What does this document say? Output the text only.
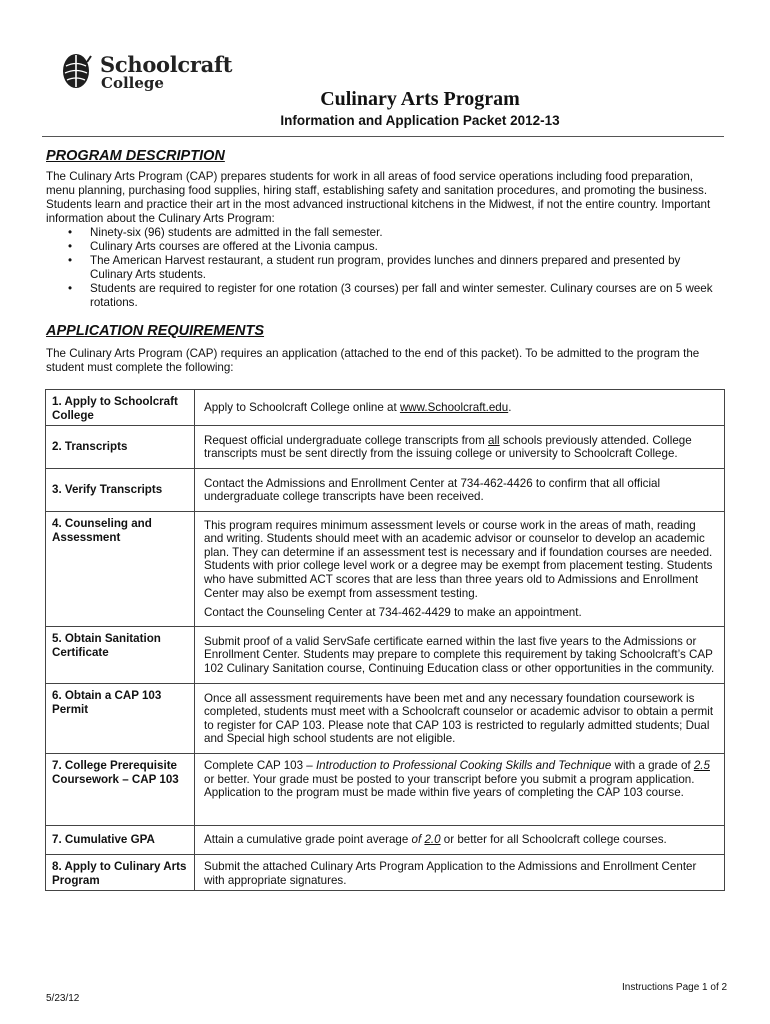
Schoolcraft
College
Culinary Arts Program
Information and Application Packet 2012-13
PROGRAM DESCRIPTION

The Culinary Arts Program (CAP) prepares students for work in all areas of food service operations including food preparation, menu planning, purchasing food supplies, hiring staff, establishing safety and sanitation procedures, and promoting the business. Students learn and practice their art in the most advanced instructional kitchens in the Midwest, if not the entire country. Important information about the Culinary Arts Program:

• Ninety-six (96) students are admitted in the fall semester.
• Culinary Arts courses are offered at the Livonia campus.
• The American Harvest restaurant, a student run program, provides lunches and dinners prepared and presented by Culinary Arts students.
• Students are required to register for one rotation (3 courses) per fall and winter semester. Culinary courses are on 5 week rotations.
APPLICATION REQUIREMENTS

The Culinary Arts Program (CAP) requires an application (attached to the end of this packet). To be admitted to the program the student must complete the following:

1. Apply to Schoolcraft College	Apply to Schoolcraft College online at www.Schoolcraft.edu.
2. Transcripts	Request official undergraduate college transcripts from all schools previously attended. College transcripts must be sent directly from the issuing college or university to Schoolcraft College.
3. Verify Transcripts	Contact the Admissions and Enrollment Center at 734-462-4426 to confirm that all official undergraduate college transcripts have been received.
4. Counseling and Assessment	This program requires minimum assessment levels or course work in the areas of math, reading and writing. Students should meet with an academic advisor or counselor to develop an academic plan. They can determine if an assessment test is necessary and if foundation courses are needed. Students with prior college level work or a degree may be exempt from placement testing. Students who have submitted ACT scores that are less than three years old to Admissions and Enrollment Center may also be exempt from assessment testing.

Contact the Counseling Center at 734-462-4429 to make an appointment.

5. Obtain Sanitation Certificate	Submit proof of a valid ServSafe certificate earned within the last five years to the Admissions or Enrollment Center. Students may prepare to complete this requirement by taking Schoolcraft’s CAP 102 Culinary Sanitation course, Continuing Education class or other opportunities in the community.
6. Obtain a CAP 103 Permit	Once all assessment requirements have been met and any necessary foundation coursework is completed, students must meet with a Schoolcraft counselor or academic advisor to obtain a permit to register for CAP 103. Please note that CAP 103 is restricted to regularly admitted students; Dual and Special high school students are not eligible.
7. College Prerequisite Coursework – CAP 103	Complete CAP 103 – Introduction to Professional Cooking Skills and Technique with a grade of 2.5 or better. Your grade must be posted to your transcript before you submit a program application. Application to the program must be made within five years of completing the CAP 103 course.
7. Cumulative GPA	Attain a cumulative grade point average of 2.0 or better for all Schoolcraft college courses.
8. Apply to Culinary Arts Program	Submit the attached Culinary Arts Program Application to the Admissions and Enrollment Center with appropriate signatures.
5/23/12
Instructions Page 1 of 2
